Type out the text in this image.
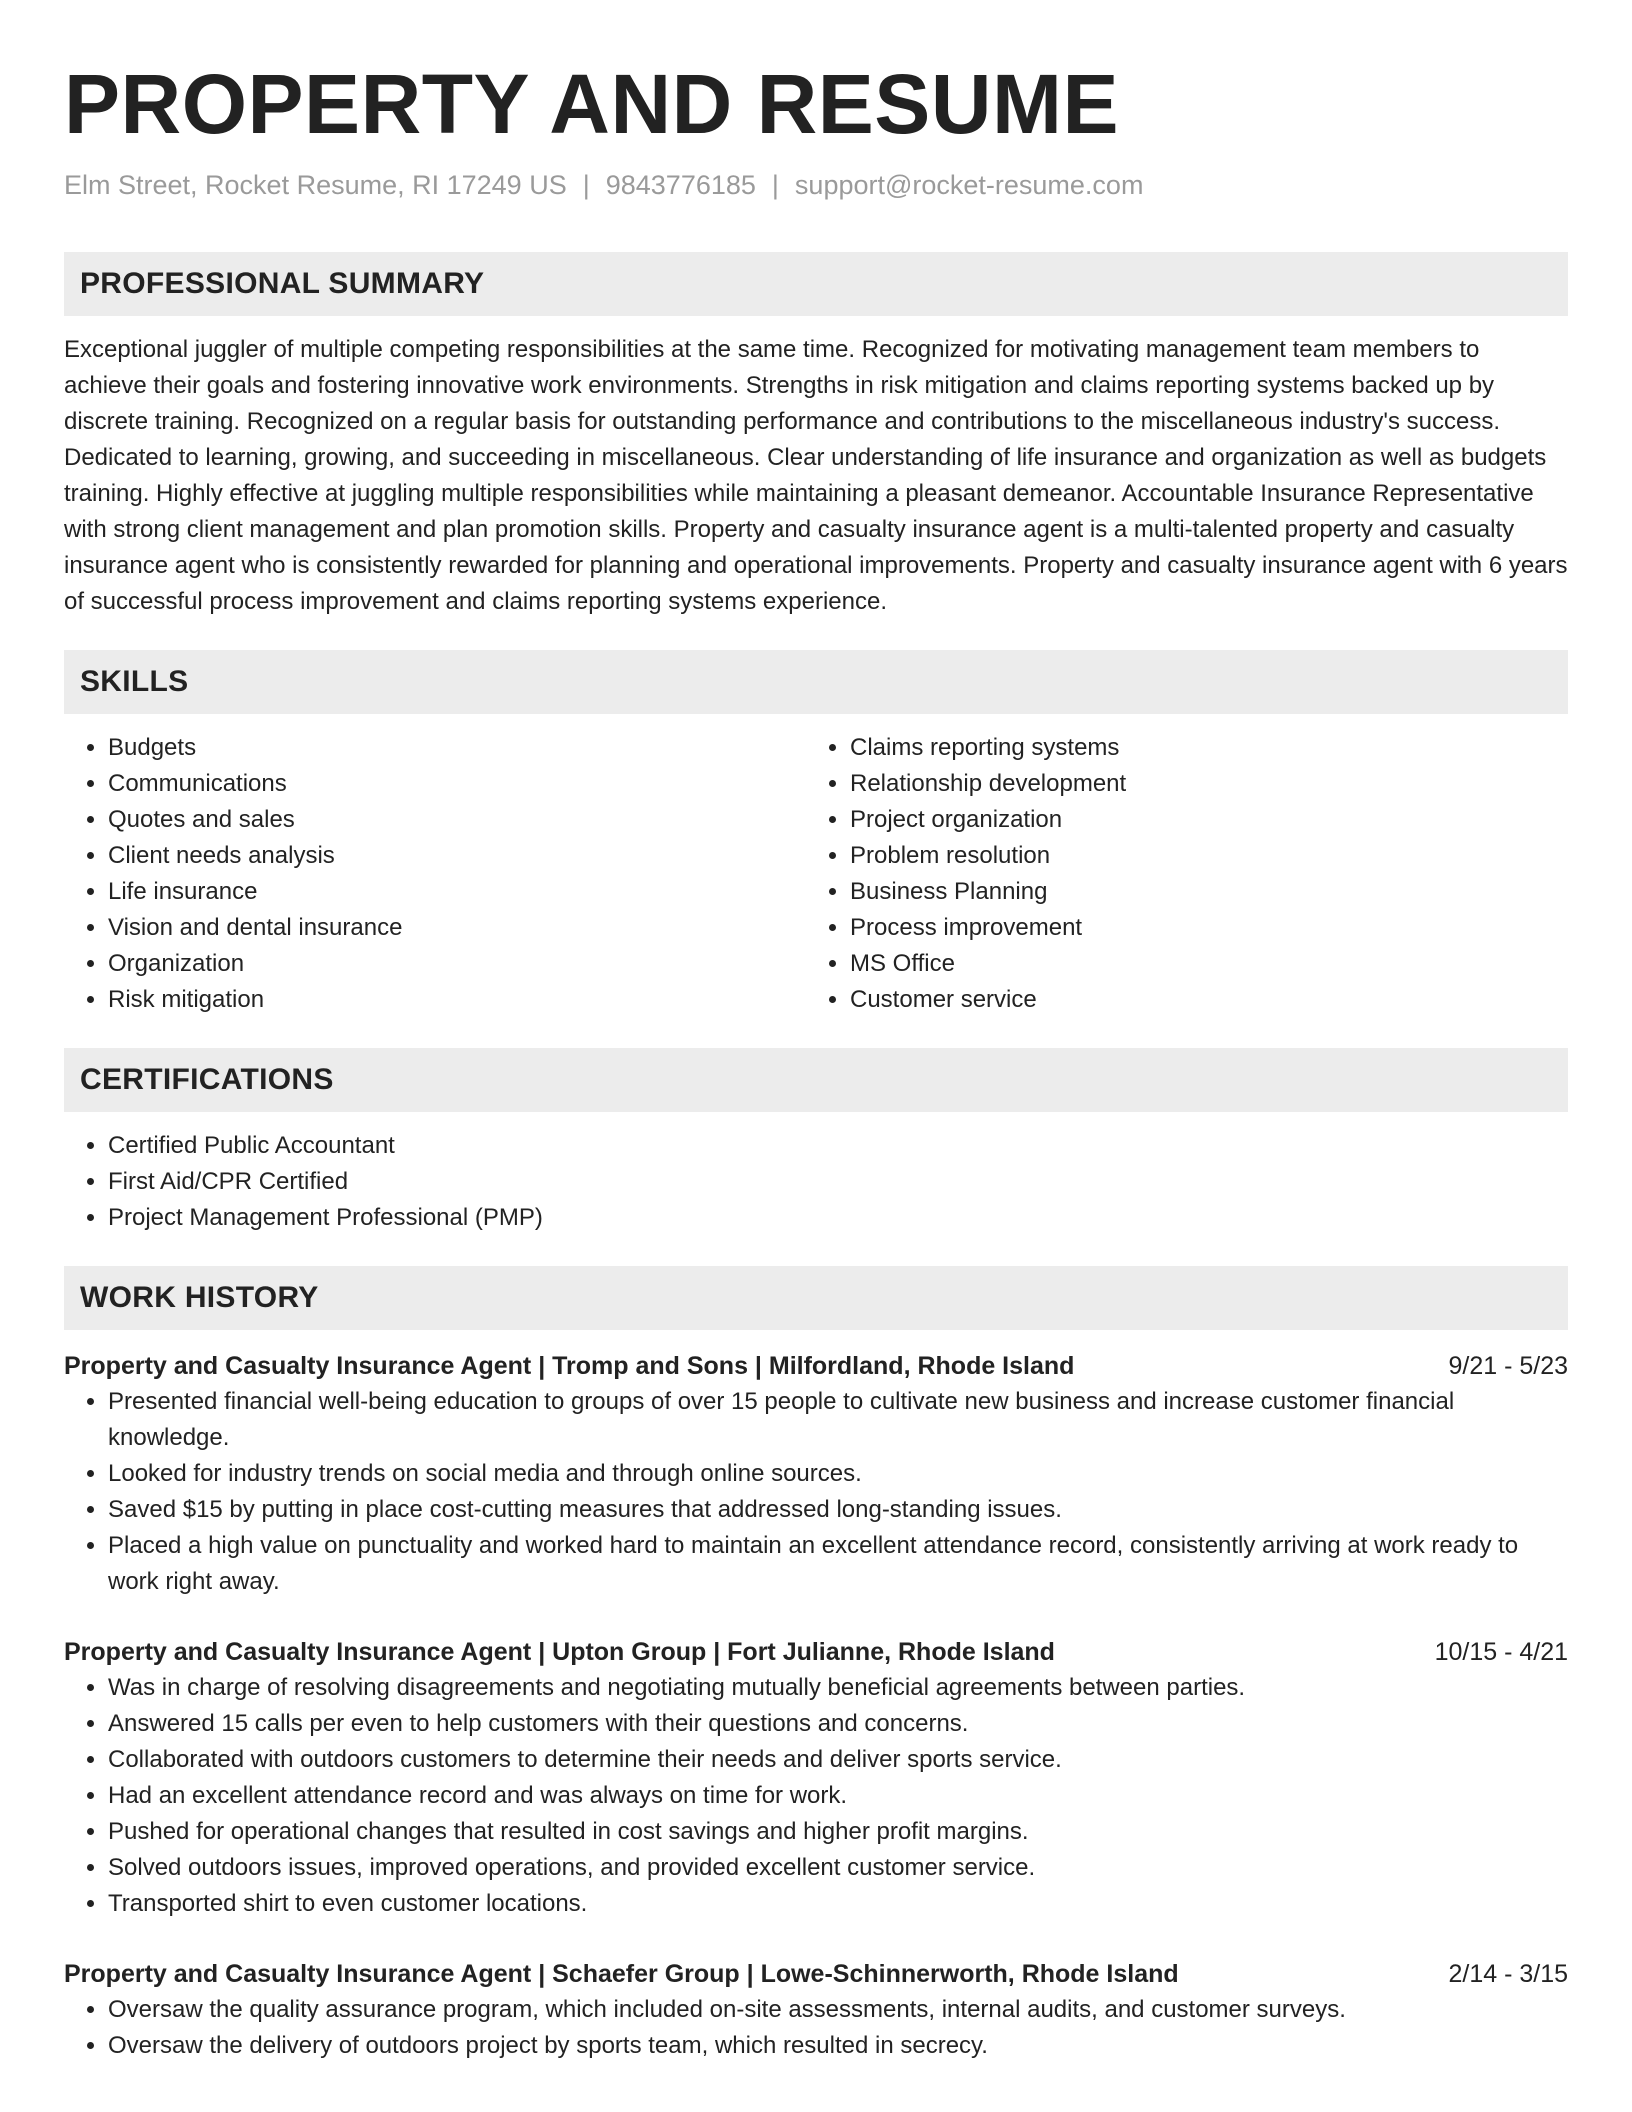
PROPERTY AND RESUME
Elm Street, Rocket Resume, RI 17249 US | 9843776185 | support@rocket-resume.com
PROFESSIONAL SUMMARY

Exceptional juggler of multiple competing responsibilities at the same time. Recognized for motivating management team members to achieve their goals and fostering innovative work environments. Strengths in risk mitigation and claims reporting systems backed up by discrete training. Recognized on a regular basis for outstanding performance and contributions to the miscellaneous industry's success. Dedicated to learning, growing, and succeeding in miscellaneous. Clear understanding of life insurance and organization as well as budgets training. Highly effective at juggling multiple responsibilities while maintaining a pleasant demeanor. Accountable Insurance Representative with strong client management and plan promotion skills. Property and casualty insurance agent is a multi-talented property and casualty insurance agent who is consistently rewarded for planning and operational improvements. Property and casualty insurance agent with 6 years of successful process improvement and claims reporting systems experience.

SKILLS
• Budgets
• Communications
• Quotes and sales
• Client needs analysis
• Life insurance
• Vision and dental insurance
• Organization
• Risk mitigation
• Claims reporting systems
• Relationship development
• Project organization
• Problem resolution
• Business Planning
• Process improvement
• MS Office
• Customer service
CERTIFICATIONS
• Certified Public Accountant
• First Aid/CPR Certified
• Project Management Professional (PMP)
WORK HISTORY
Property and Casualty Insurance Agent | Tromp and Sons | Milfordland, Rhode Island	9/21 - 5/23
• Presented financial well-being education to groups of over 15 people to cultivate new business and increase customer financial knowledge.
• Looked for industry trends on social media and through online sources.
• Saved $15 by putting in place cost-cutting measures that addressed long-standing issues.
• Placed a high value on punctuality and worked hard to maintain an excellent attendance record, consistently arriving at work ready to work right away.
Property and Casualty Insurance Agent | Upton Group | Fort Julianne, Rhode Island	10/15 - 4/21
• Was in charge of resolving disagreements and negotiating mutually beneficial agreements between parties.
• Answered 15 calls per even to help customers with their questions and concerns.
• Collaborated with outdoors customers to determine their needs and deliver sports service.
• Had an excellent attendance record and was always on time for work.
• Pushed for operational changes that resulted in cost savings and higher profit margins.
• Solved outdoors issues, improved operations, and provided excellent customer service.
• Transported shirt to even customer locations.
Property and Casualty Insurance Agent | Schaefer Group | Lowe-Schinnerworth, Rhode Island	2/14 - 3/15
• Oversaw the quality assurance program, which included on-site assessments, internal audits, and customer surveys.
• Oversaw the delivery of outdoors project by sports team, which resulted in secrecy.
